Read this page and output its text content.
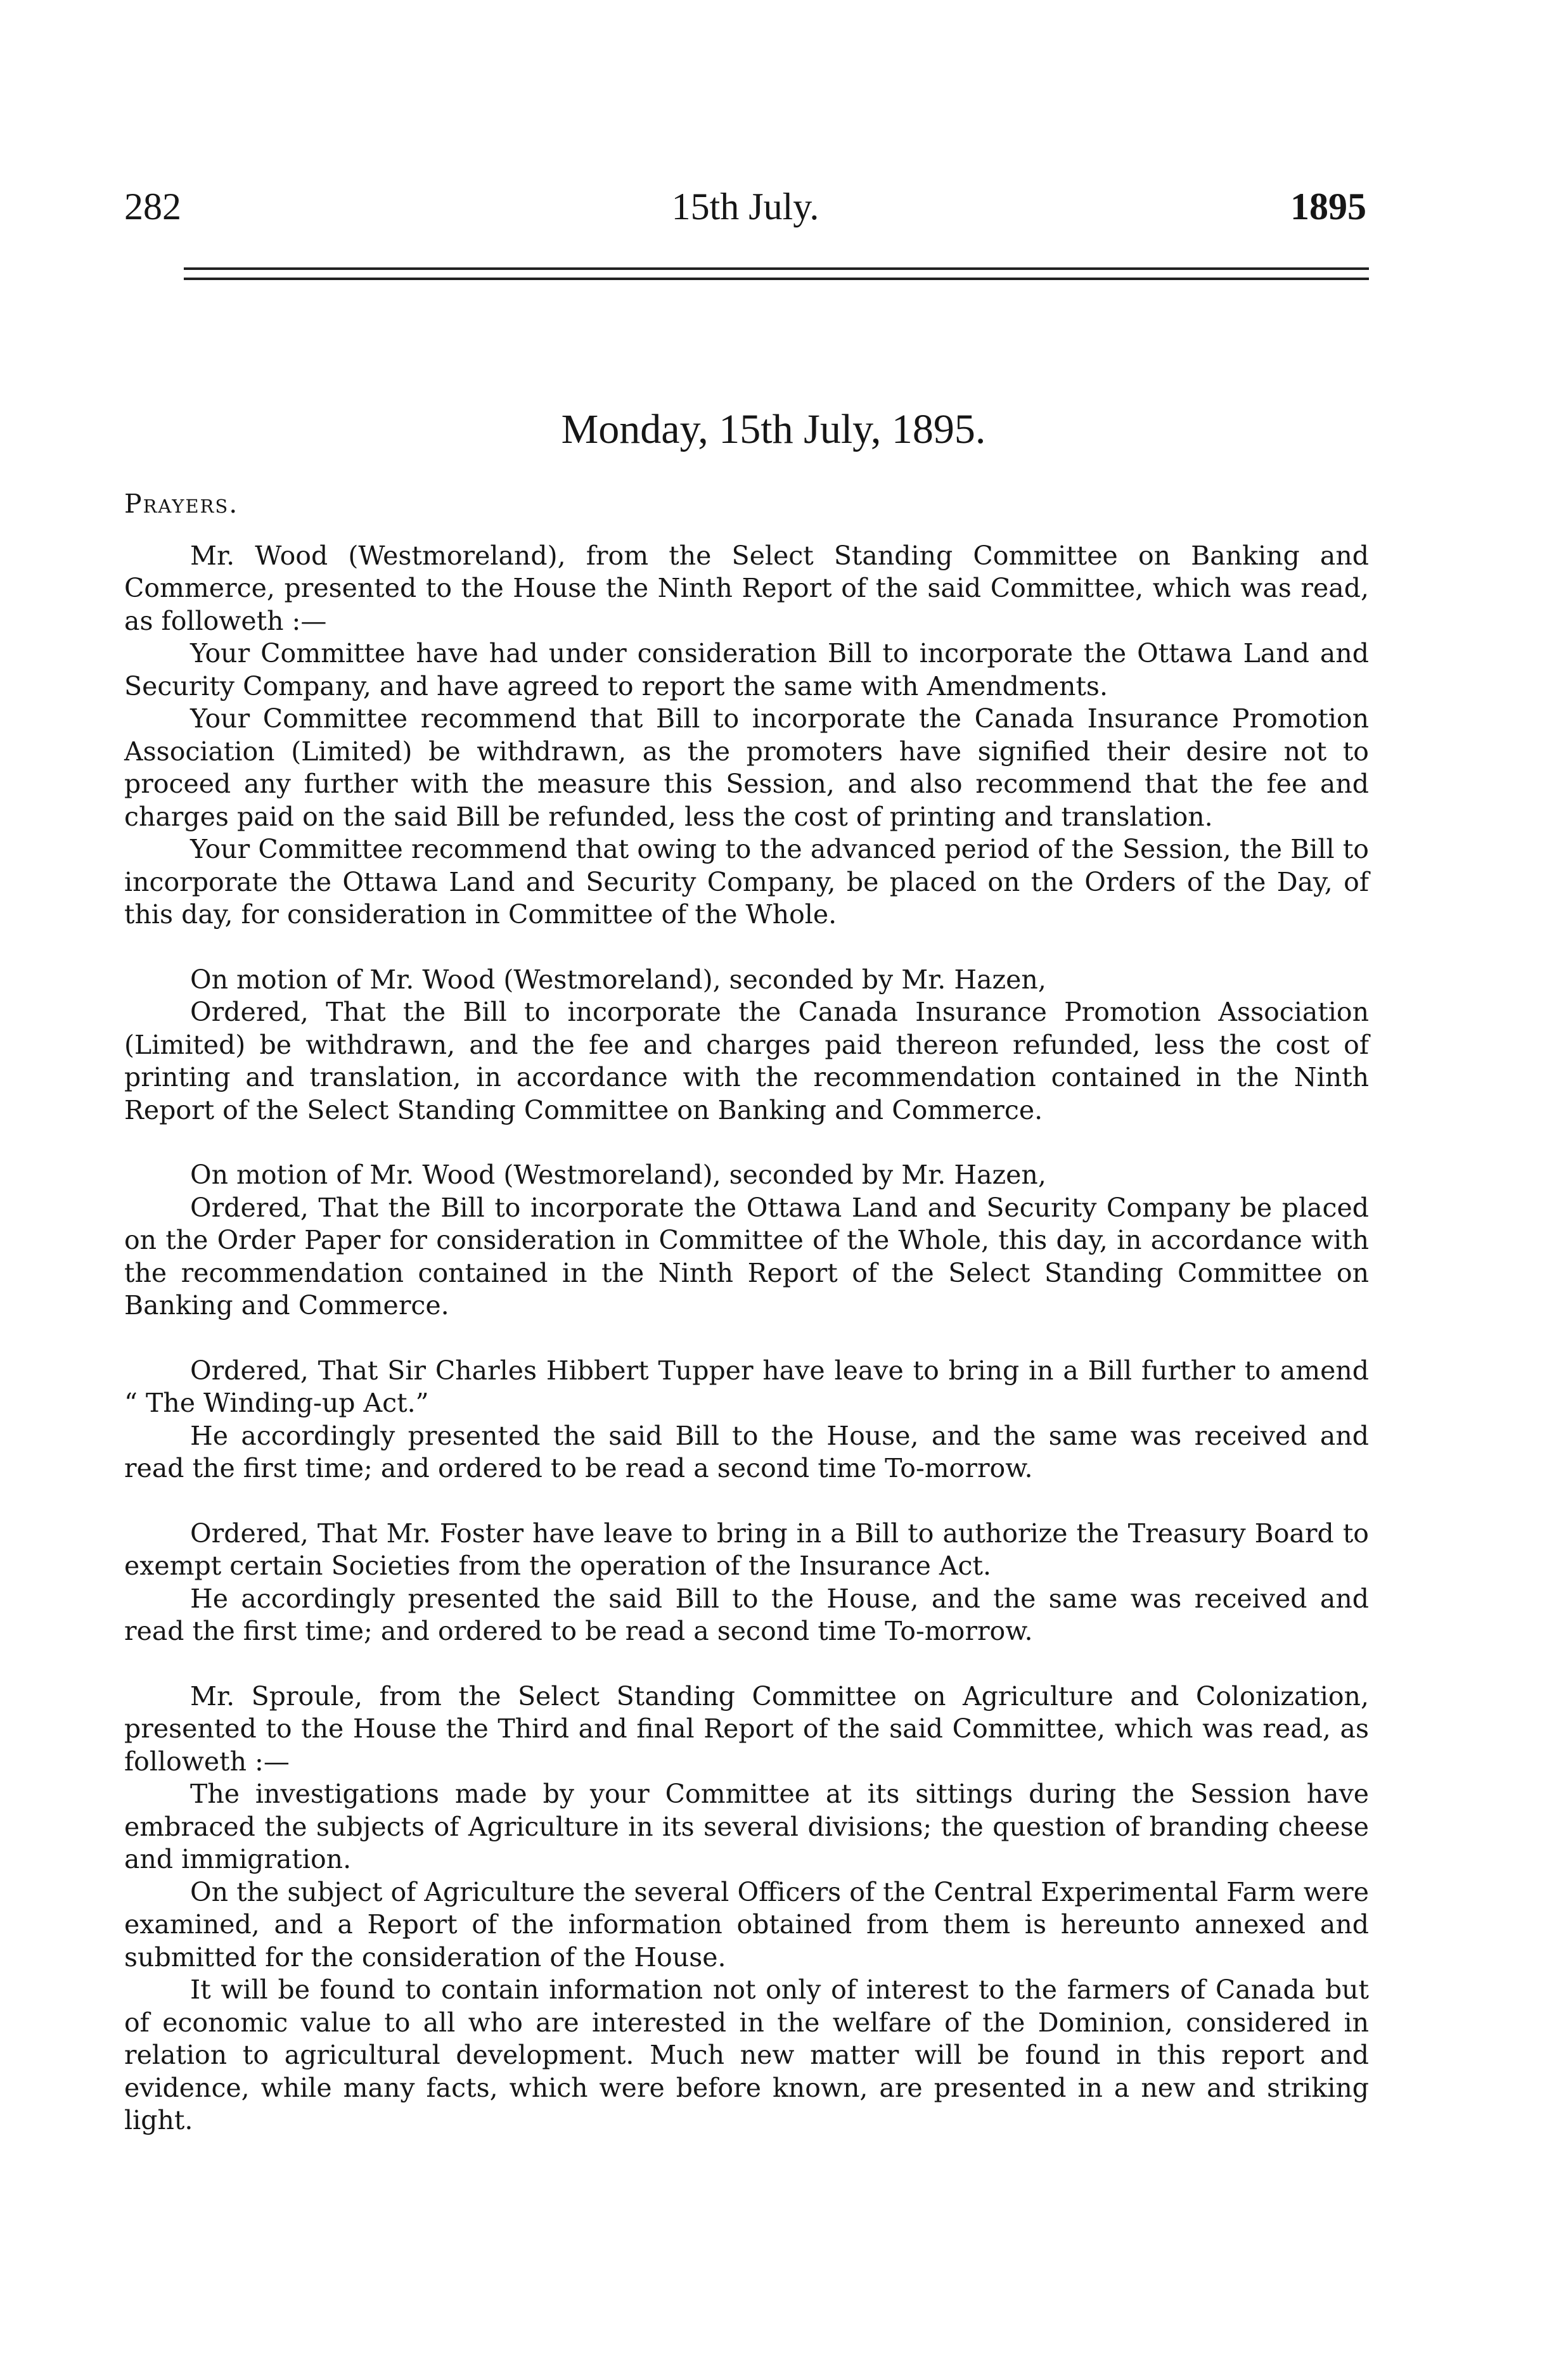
282	15th July.	1895
Monday, 15th July, 1895.

Prayers.

Mr. Wood (Westmoreland), from the Select Standing Committee on Banking and Commerce, presented to the House the Ninth Report of the said Committee, which was read, as followeth :—

Your Committee have had under consideration Bill to incorporate the Ottawa Land and Security Company, and have agreed to report the same with Amendments.

Your Committee recommend that Bill to incorporate the Canada Insurance Promotion Association (Limited) be withdrawn, as the promoters have signified their desire not to proceed any further with the measure this Session, and also recommend that the fee and charges paid on the said Bill be refunded, less the cost of printing and translation.

Your Committee recommend that owing to the advanced period of the Session, the Bill to incorporate the Ottawa Land and Security Company, be placed on the Orders of the Day, of this day, for consideration in Committee of the Whole.

On motion of Mr. Wood (Westmoreland), seconded by Mr. Hazen,

Ordered, That the Bill to incorporate the Canada Insurance Promotion Association (Limited) be withdrawn, and the fee and charges paid thereon refunded, less the cost of printing and translation, in accordance with the recommendation contained in the Ninth Report of the Select Standing Committee on Banking and Commerce.

On motion of Mr. Wood (Westmoreland), seconded by Mr. Hazen,

Ordered, That the Bill to incorporate the Ottawa Land and Security Company be placed on the Order Paper for consideration in Committee of the Whole, this day, in accordance with the recommendation contained in the Ninth Report of the Select Standing Committee on Banking and Commerce.

Ordered, That Sir Charles Hibbert Tupper have leave to bring in a Bill further to amend “ The Winding-up Act.”

He accordingly presented the said Bill to the House, and the same was received and read the first time; and ordered to be read a second time To-morrow.

Ordered, That Mr. Foster have leave to bring in a Bill to authorize the Treasury Board to exempt certain Societies from the operation of the Insurance Act.

He accordingly presented the said Bill to the House, and the same was received and read the first time; and ordered to be read a second time To-morrow.

Mr. Sproule, from the Select Standing Committee on Agriculture and Colonization, presented to the House the Third and final Report of the said Committee, which was read, as followeth :—

The investigations made by your Committee at its sittings during the Session have embraced the subjects of Agriculture in its several divisions; the question of branding cheese and immigration.

On the subject of Agriculture the several Officers of the Central Experimental Farm were examined, and a Report of the information obtained from them is hereunto annexed and submitted for the consideration of the House.

It will be found to contain information not only of interest to the farmers of Canada but of economic value to all who are interested in the welfare of the Dominion, considered in relation to agricultural development. Much new matter will be found in this report and evidence, while many facts, which were before known, are presented in a new and striking light.
